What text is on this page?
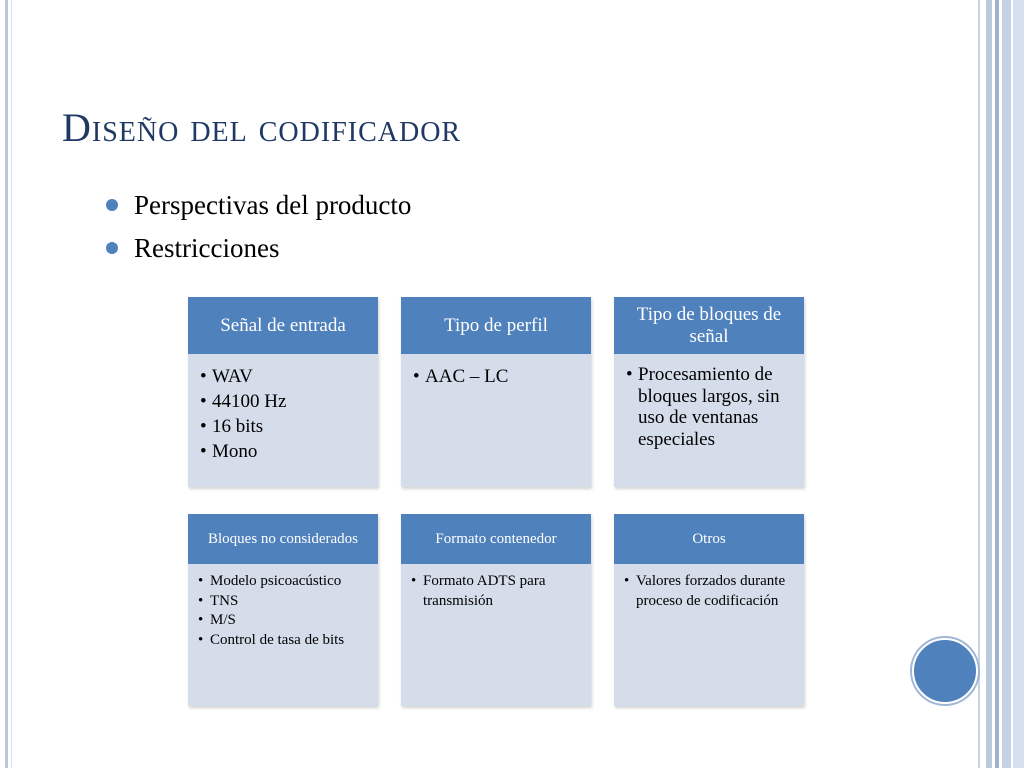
Diseño del codificador
Perspectivas del producto
Restricciones
Señal de entrada
• WAV
• 44100 Hz
• 16 bits
• Mono
Tipo de perfil
• AAC – LC
Tipo de bloques de señal
• Procesamiento de bloques largos, sin uso de ventanas especiales
Bloques no considerados
• Modelo psicoacústico
• TNS
• M/S
• Control de tasa de bits
Formato contenedor
• Formato ADTS para transmisión
Otros
• Valores forzados durante proceso de codificación
